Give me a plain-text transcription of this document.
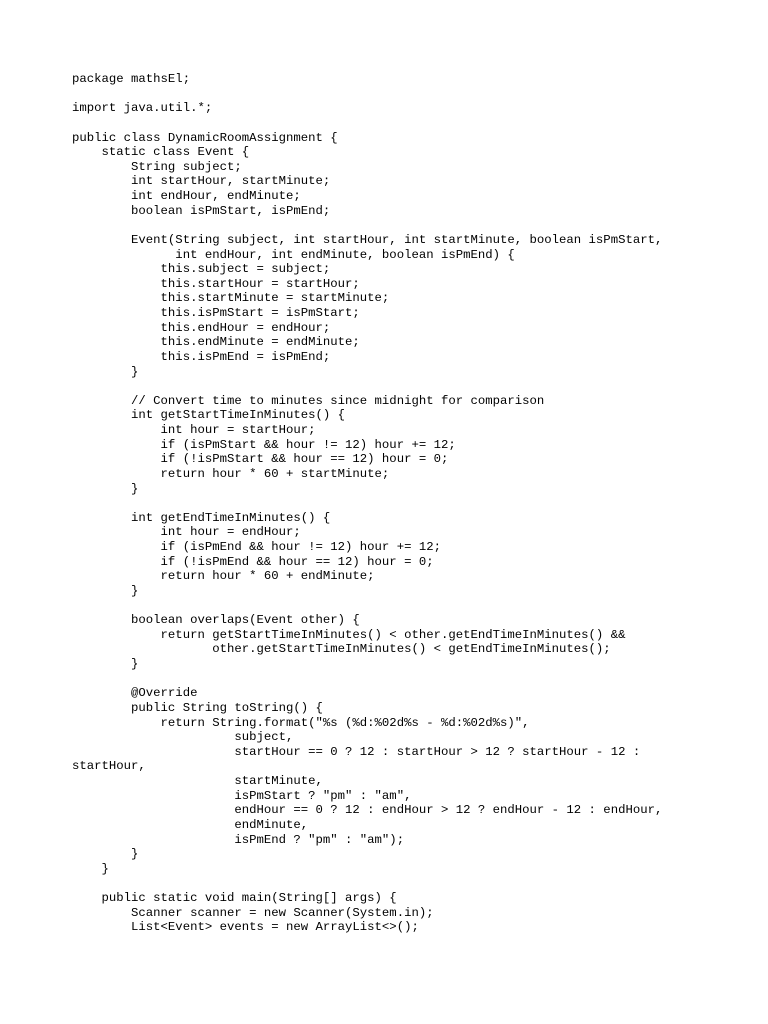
package mathsEl;
import java.util.*;
public class DynamicRoomAssignment {
static class Event {
String subject;
int startHour, startMinute;
int endHour, endMinute;
boolean isPmStart, isPmEnd;
Event(String subject, int startHour, int startMinute, boolean isPmStart,
int endHour, int endMinute, boolean isPmEnd) {
this.subject = subject;
this.startHour = startHour;
this.startMinute = startMinute;
this.isPmStart = isPmStart;
this.endHour = endHour;
this.endMinute = endMinute;
this.isPmEnd = isPmEnd;
}
// Convert time to minutes since midnight for comparison
int getStartTimeInMinutes() {
int hour = startHour;
if (isPmStart && hour != 12) hour += 12;
if (!isPmStart && hour == 12) hour = 0;
return hour * 60 + startMinute;
}
int getEndTimeInMinutes() {
int hour = endHour;
if (isPmEnd && hour != 12) hour += 12;
if (!isPmEnd && hour == 12) hour = 0;
return hour * 60 + endMinute;
}
boolean overlaps(Event other) {
return getStartTimeInMinutes() < other.getEndTimeInMinutes() &&
other.getStartTimeInMinutes() < getEndTimeInMinutes();
}
@Override
public String toString() {
return String.format("%s (%d:%02d%s - %d:%02d%s)",
subject,
startHour == 0 ? 12 : startHour > 12 ? startHour - 12 :
startHour,
startMinute,
isPmStart ? "pm" : "am",
endHour == 0 ? 12 : endHour > 12 ? endHour - 12 : endHour,
endMinute,
isPmEnd ? "pm" : "am");
}
}
public static void main(String[] args) {
Scanner scanner = new Scanner(System.in);
List<Event> events = new ArrayList<>();
